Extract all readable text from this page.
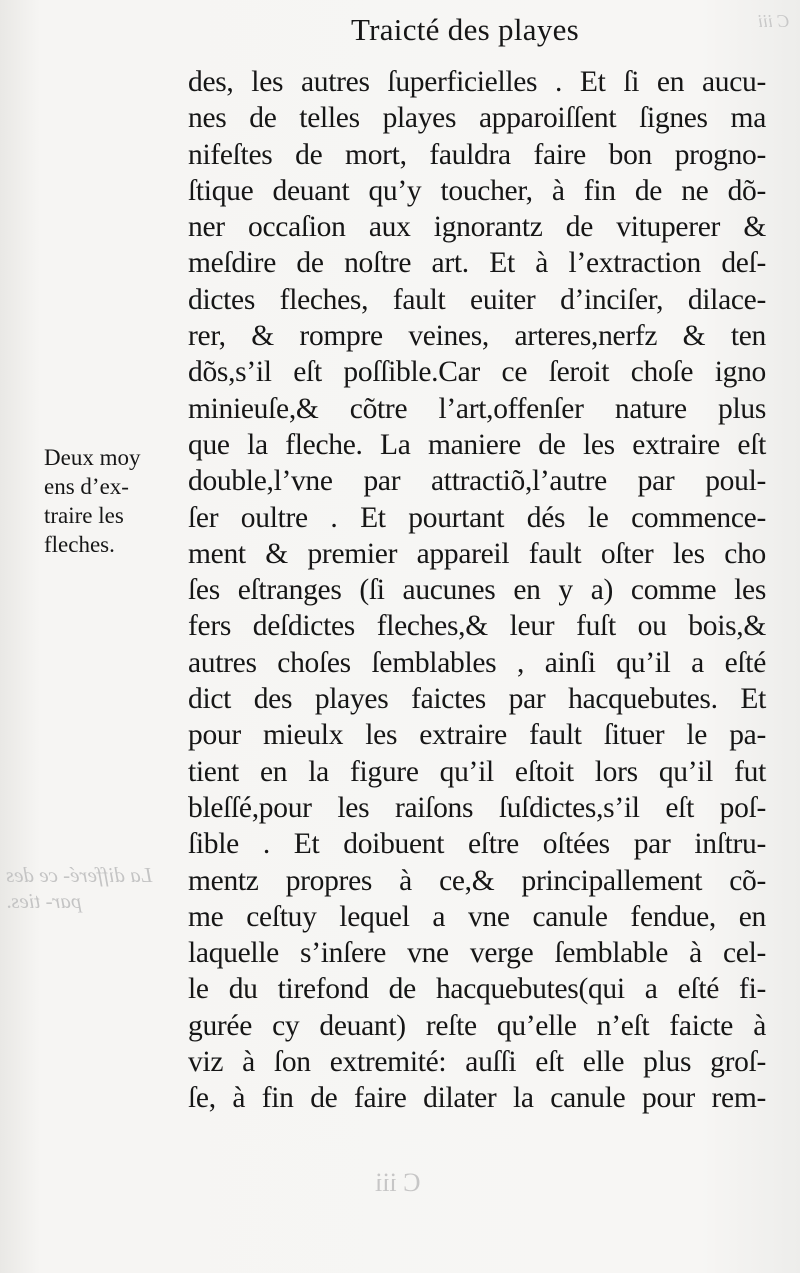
C iii
La differé- ce des par- ties.
C iii
Traicté des playes
Deux moy
ens d’ex-
traire les
fleches.
des, les autres ſuperficielles . Et ſi en aucu-
nes de telles playes apparoiſſent ſignes ma
nifeſtes de mort, fauldra faire bon progno-
ſtique deuant qu’y toucher, à fin de ne dõ-
ner occaſion aux ignorantz de vituperer &
meſdire de noſtre art. Et à l’extraction deſ-
dictes fleches, fault euiter d’inciſer, dilace-
rer, & rompre veines, arteres,nerfz & ten
dõs,s’il eſt poſſible.Car ce ſeroit choſe igno
minieuſe,& cõtre l’art,offenſer nature plus
que la fleche. La maniere de les extraire eſt
double,l’vne par attractiõ,l’autre par poul-
ſer oultre . Et pourtant dés le commence-
ment & premier appareil fault oſter les cho
ſes eſtranges (ſi aucunes en y a) comme les
fers deſdictes fleches,& leur fuſt ou bois,&
autres choſes ſemblables , ainſi qu’il a eſté
dict des playes faictes par hacquebutes. Et
pour mieulx les extraire fault ſituer le pa-
tient en la figure qu’il eſtoit lors qu’il fut
bleſſé,pour les raiſons ſuſdictes,s’il eſt poſ-
ſible . Et doibuent eſtre oſtées par inſtru-
mentz propres à ce,& principallement cõ-
me ceſtuy lequel a vne canule fendue, en
laquelle s’inſere vne verge ſemblable à cel-
le du tirefond de hacquebutes(qui a eſté fi-
gurée cy deuant) reſte qu’elle n’eſt faicte à
viz à ſon extremité: auſſi eſt elle plus groſ-
ſe, à fin de faire dilater la canule pour rem-
